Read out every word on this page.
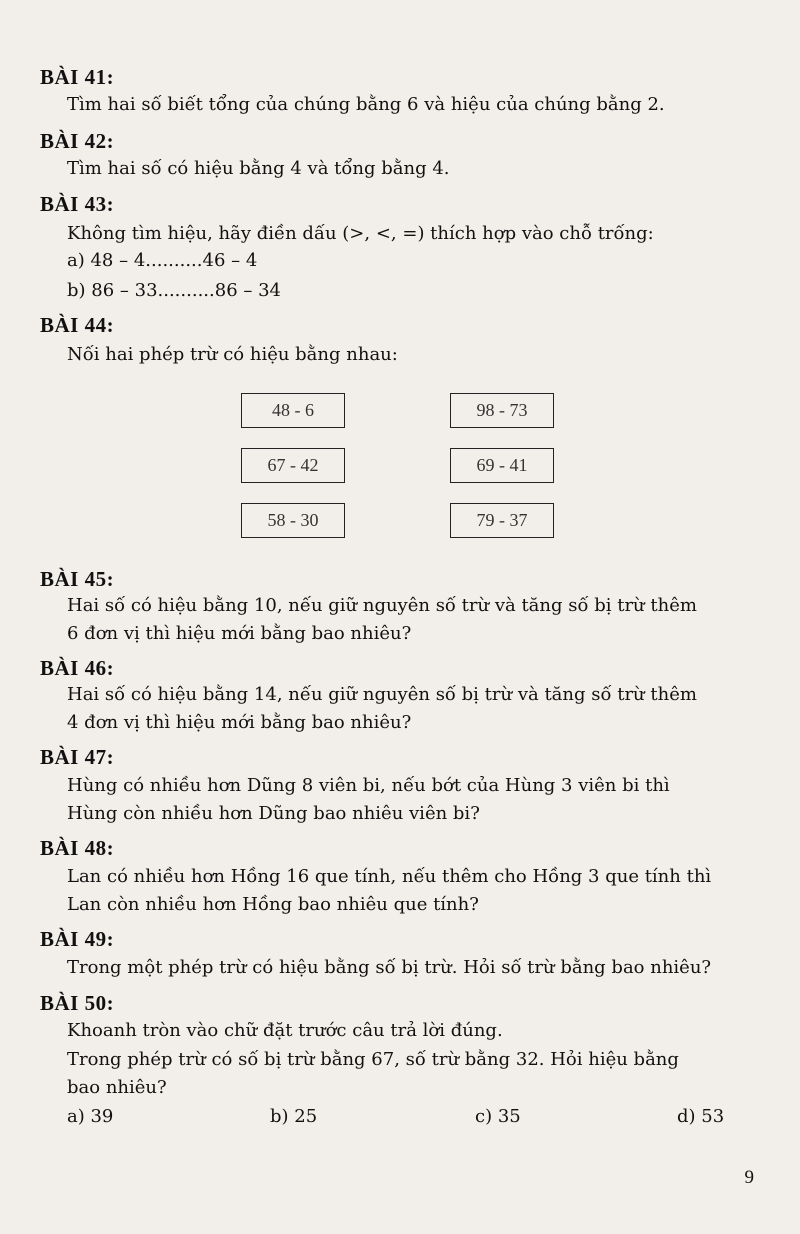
BÀI 41:
Tìm hai số biết tổng của chúng bằng 6 và hiệu của chúng bằng 2.
BÀI 42:
Tìm hai số có hiệu bằng 4 và tổng bằng 4.
BÀI 43:
Không tìm hiệu, hãy điền dấu (>, <, =) thích hợp vào chỗ trống:
a) 48 – 4..........46 – 4
b) 86 – 33..........86 – 34
BÀI 44:
Nối hai phép trừ có hiệu bằng nhau:
48 - 6
67 - 42
58 - 30
98 - 73
69 - 41
79 - 37
BÀI 45:
Hai số có hiệu bằng 10, nếu giữ nguyên số trừ và tăng số bị trừ thêm
6 đơn vị thì hiệu mới bằng bao nhiêu?
BÀI 46:
Hai số có hiệu bằng 14, nếu giữ nguyên số bị trừ và tăng số trừ thêm
4 đơn vị thì hiệu mới bằng bao nhiêu?
BÀI 47:
Hùng có nhiều hơn Dũng 8 viên bi, nếu bớt của Hùng 3 viên bi thì
Hùng còn nhiều hơn Dũng bao nhiêu viên bi?
BÀI 48:
Lan có nhiều hơn Hồng 16 que tính, nếu thêm cho Hồng 3 que tính thì
Lan còn nhiều hơn Hồng bao nhiêu que tính?
BÀI 49:
Trong một phép trừ có hiệu bằng số bị trừ. Hỏi số trừ bằng bao nhiêu?
BÀI 50:
Khoanh tròn vào chữ đặt trước câu trả lời đúng.
Trong phép trừ có số bị trừ bằng 67, số trừ bằng 32. Hỏi hiệu bằng
bao nhiêu?
a) 39	b) 25	c) 35	d) 53
9
